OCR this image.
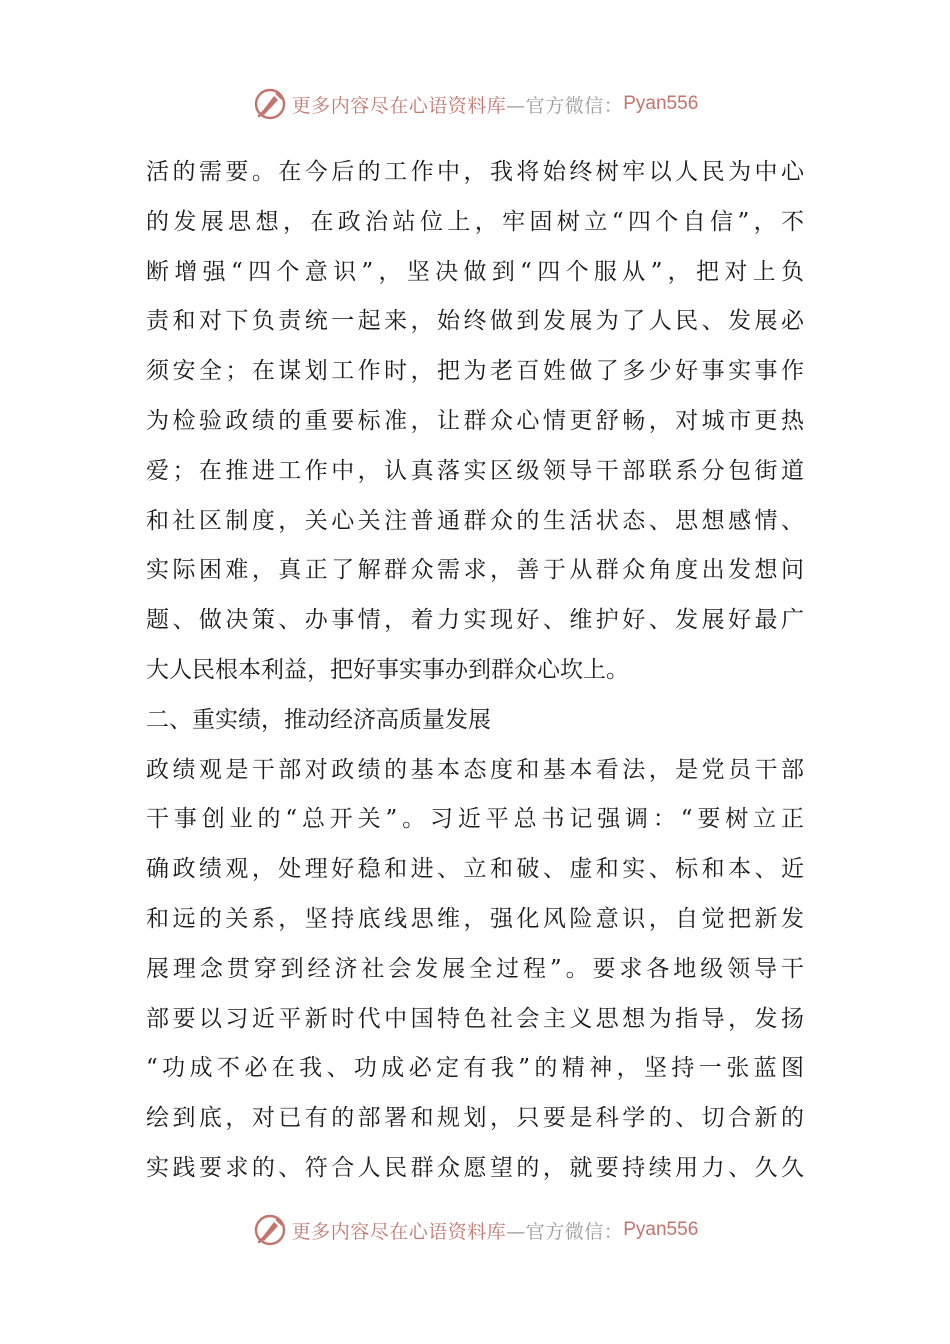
更多内容尽在心语资料库 —官方微信： Pyan556
活的需要。在今后的工作中，我将始终树牢以人民为中心
的发展思想，在政治站位上，牢固树立“四个自信”，不
断增强“四个意识”，坚决做到“四个服从”，把对上负
责和对下负责统一起来，始终做到发展为了人民、发展必
须安全；在谋划工作时，把为老百姓做了多少好事实事作
为检验政绩的重要标准，让群众心情更舒畅，对城市更热
爱；在推进工作中，认真落实区级领导干部联系分包街道
和社区制度，关心关注普通群众的生活状态、思想感情、
实际困难，真正了解群众需求，善于从群众角度出发想问
题、做决策、办事情，着力实现好、维护好、发展好最广
大人民根本利益，把好事实事办到群众心坎上。
二、重实绩，推动经济高质量发展
政绩观是干部对政绩的基本态度和基本看法，是党员干部
干事创业的“总开关”。习近平总书记强调：“要树立正
确政绩观，处理好稳和进、立和破、虚和实、标和本、近
和远的关系，坚持底线思维，强化风险意识，自觉把新发
展理念贯穿到经济社会发展全过程”。要求各地级领导干
部要以习近平新时代中国特色社会主义思想为指导，发扬
“功成不必在我、功成必定有我”的精神，坚持一张蓝图
绘到底，对已有的部署和规划，只要是科学的、切合新的
实践要求的、符合人民群众愿望的，就要持续用力、久久
更多内容尽在心语资料库 —官方微信： Pyan556
